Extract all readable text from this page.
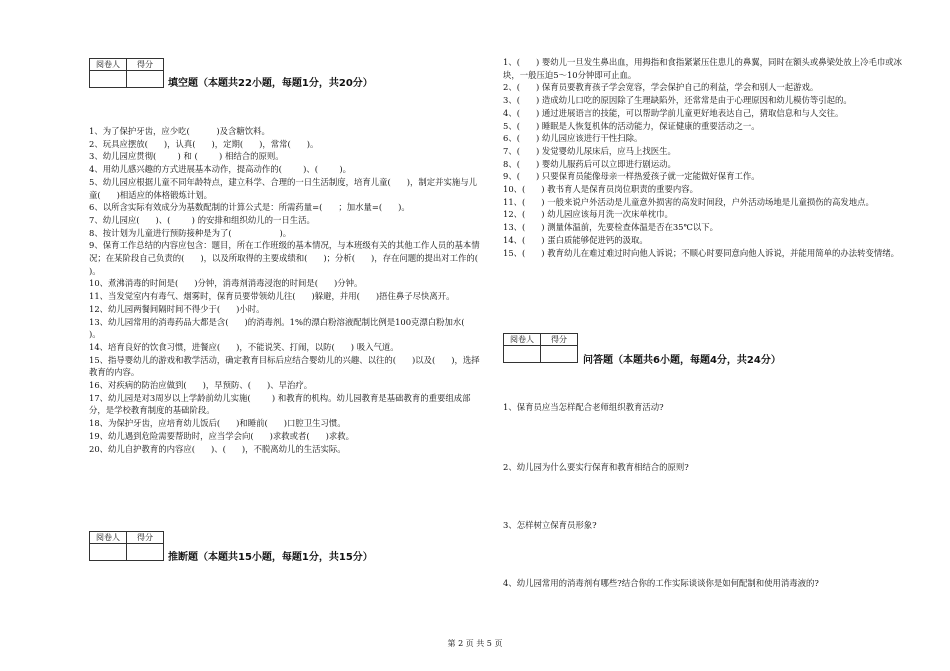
阅卷人	得分

填空题（本题共22小题，每题1分，共20分）
1、为了保护牙齿，应少吃(          )及含糖饮料。
2、玩具应摆放(      )，认真(      )，定期(      )，常常(      )。
3、幼儿园应贯彻(        ) 和 (        ) 相结合的原则。
4、用幼儿感兴趣的方式进展基本动作，提高动作的(        )、(        )。
5、幼儿园应根据儿童不同年龄特点，建立科学、合理的一日生活制度，培育儿童(      )，制定并实施与儿童(      )相适应的体格锻炼计划。
6、以所含实际有效成分为基数配制的计算公式是：所需药量=(      ；加水量=(      )。
7、幼儿园应(      )、(        ) 的安排和组织幼儿的一日生活。
8、按计划为儿童进行预防接种是为了(                  )。
9、保育工作总结的内容应包含：题目，所在工作班级的基本情况，与本班级有关的其他工作人员的基本情况；在某阶段自己负责的(      )，以及所取得的主要成绩和(      )；分析(      )，存在问题的提出对工作的(      )。
10、煮沸消毒的时间是(      )分钟，消毒剂消毒浸泡的时间是(      )分钟。
11、当发觉室内有毒气、烟雾时，保育员要带领幼儿往(      )躲避，并用(      )捂住鼻子尽快离开。
12、幼儿园两餐间隔时间不得少于(      )小时。
13、幼儿园常用的消毒药品大都是含(      )的消毒剂。1%的漂白粉溶液配制比例是100克漂白粉加水(      )。
14、培育良好的饮食习惯，进餐应(      )，不能说笑、打闹，以防(      ) 吸入气道。
15、指导婴幼儿的游戏和教学活动，确定教育目标后应结合婴幼儿的兴趣、以往的(      )以及(      )，选择教育的内容。
16、对疾病的防治应做到(      )，早预防、(      )、早治疗。
17、幼儿园是对3周岁以上学龄前幼儿实施(        ) 和教育的机构。幼儿园教育是基础教育的重要组成部分，是学校教育制度的基础阶段。
18、为保护牙齿，应培育幼儿饭后(      )和睡前(      )口腔卫生习惯。
19、幼儿遇到危险需要帮助时，应当学会向(      )求救或者(      )求救。
20、幼儿自护教育的内容应(      )、(      )，不脱离幼儿的生活实际。
阅卷人	得分

推断题（本题共15小题，每题1分，共15分）
1、(      ) 婴幼儿一旦发生鼻出血，用拇指和食指紧紧压住患儿的鼻翼，同时在额头或鼻梁处放上冷毛巾或冰块，一般压迫5～10分钟即可止血。
2、(      ) 保育员要教育孩子学会宽容，学会保护自己的利益，学会和别人一起游戏。
3、(      ) 造成幼儿口吃的原因除了生理缺陷外，还常常是由于心理原因和幼儿模仿等引起的。
4、(      ) 通过进展语言的技能，可以帮助学前儿童更好地表达自己，猜取信息和与人交往。
5、(      ) 睡眠是人恢复机体的活动能力，保证健康的重要活动之一。
6、(      ) 幼儿园应该进行干性扫除。
7、(      ) 发觉婴幼儿尿床后，应马上找医生。
8、(      ) 婴幼儿服药后可以立即进行剧运动。
9、(      ) 只要保育员能像母亲一样热爱孩子就一定能做好保育工作。
10、(      ) 教书育人是保育员岗位职责的重要内容。
11、(      ) 一般来说户外活动是儿童意外损害的高发时间段，户外活动场地是儿童损伤的高发地点。
12、(      ) 幼儿园应该每月洗一次床单枕巾。
13、(      ) 测量体温前，先要检查体温是否在35℃以下。
14、(      ) 蛋白质能够促进钙的汲取。
15、(      ) 教育幼儿在难过难过时向他人诉说；不顺心时要同意向他人诉说，并能用简单的办法转变情绪。
阅卷人	得分

问答题（本题共6小题，每题4分，共24分）
1、保育员应当怎样配合老师组织教育活动?
2、幼儿园为什么要实行保育和教育相结合的原则?
3、怎样树立保育员形象?
4、幼儿园常用的消毒剂有哪些?结合你的工作实际谈谈你是如何配制和使用消毒液的?
第 2 页 共 5 页
